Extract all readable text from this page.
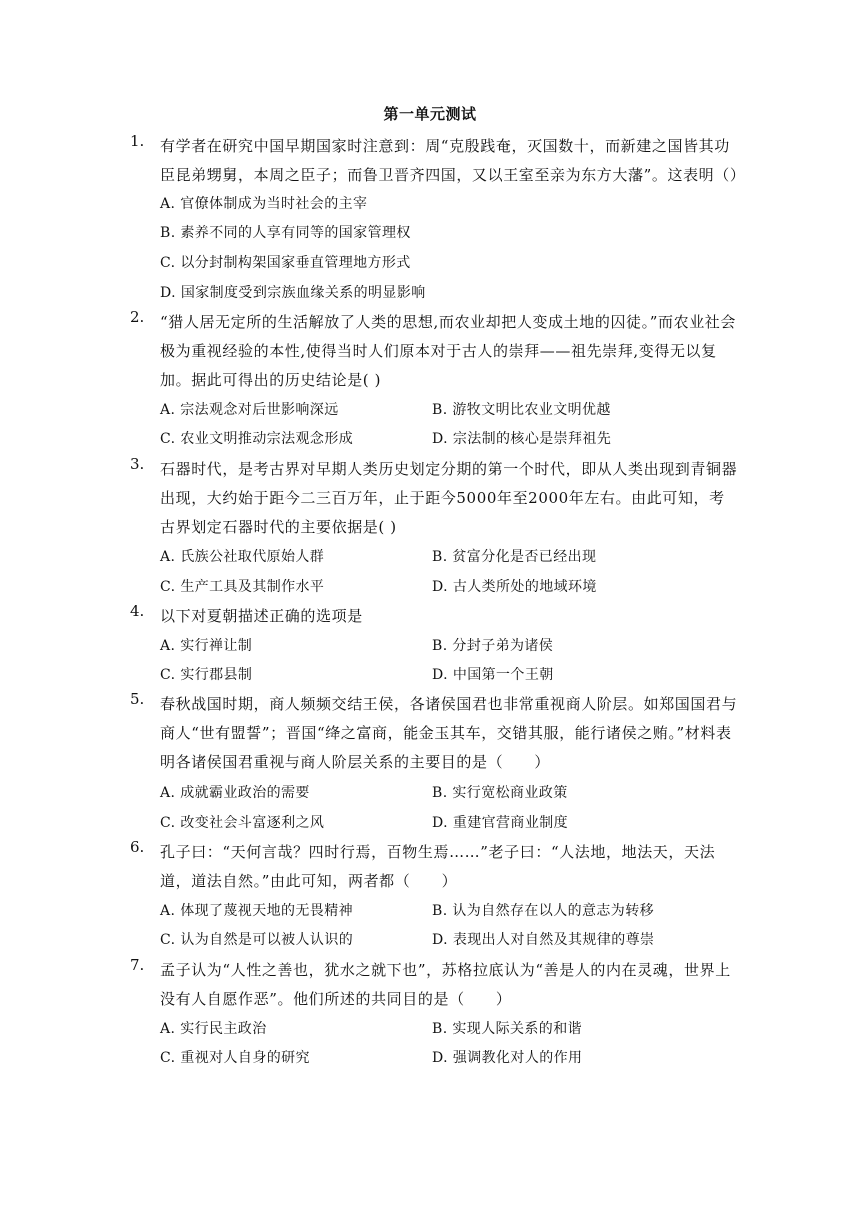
第一单元测试
1.	有学者在研究中国早期国家时注意到：周“克殷践奄，灭国数十，而新建之国皆其功臣昆弟甥舅，本周之臣子；而鲁卫晋齐四国，又以王室至亲为东方大藩”。这表明（）
A. 官僚体制成为当时社会的主宰
B. 素养不同的人享有同等的国家管理权
C. 以分封制构架国家垂直管理地方形式
D. 国家制度受到宗族血缘关系的明显影响
2.	“猎人居无定所的生活解放了人类的思想,而农业却把人变成土地的囚徒。”而农业社会极为重视经验的本性,使得当时人们原本对于古人的崇拜——祖先崇拜,变得无以复加。据此可得出的历史结论是( )
A. 宗法观念对后世影响深远	B. 游牧文明比农业文明优越
C. 农业文明推动宗法观念形成	D. 宗法制的核心是崇拜祖先
3.	石器时代，是考古界对早期人类历史划定分期的第一个时代，即从人类出现到青铜器出现，大约始于距今二三百万年，止于距今5000年至2000年左右。由此可知，考古界划定石器时代的主要依据是( )
A. 氏族公社取代原始人群	B. 贫富分化是否已经出现
C. 生产工具及其制作水平	D. 古人类所处的地域环境
4.	以下对夏朝描述正确的选项是
A. 实行禅让制	B. 分封子弟为诸侯
C. 实行郡县制	D. 中国第一个王朝
5.	春秋战国时期，商人频频交结王侯，各诸侯国君也非常重视商人阶层。如郑国国君与商人“世有盟誓”；晋国“绛之富商，能金玉其车，交错其服，能行诸侯之贿。”材料表明各诸侯国君重视与商人阶层关系的主要目的是（　　）
A. 成就霸业政治的需要	B. 实行宽松商业政策
C. 改变社会斗富逐利之风	D. 重建官营商业制度
6.	孔子曰：“天何言哉？四时行焉，百物生焉……”老子曰：“人法地，地法天，天法道，道法自然。”由此可知，两者都（　　）
A. 体现了蔑视天地的无畏精神	B. 认为自然存在以人的意志为转移
C. 认为自然是可以被人认识的	D. 表现出人对自然及其规律的尊崇
7.	孟子认为“人性之善也，犹水之就下也”，苏格拉底认为“善是人的内在灵魂，世界上没有人自愿作恶”。他们所述的共同目的是（　　）
A. 实行民主政治	B. 实现人际关系的和谐
C. 重视对人自身的研究	D. 强调教化对人的作用
